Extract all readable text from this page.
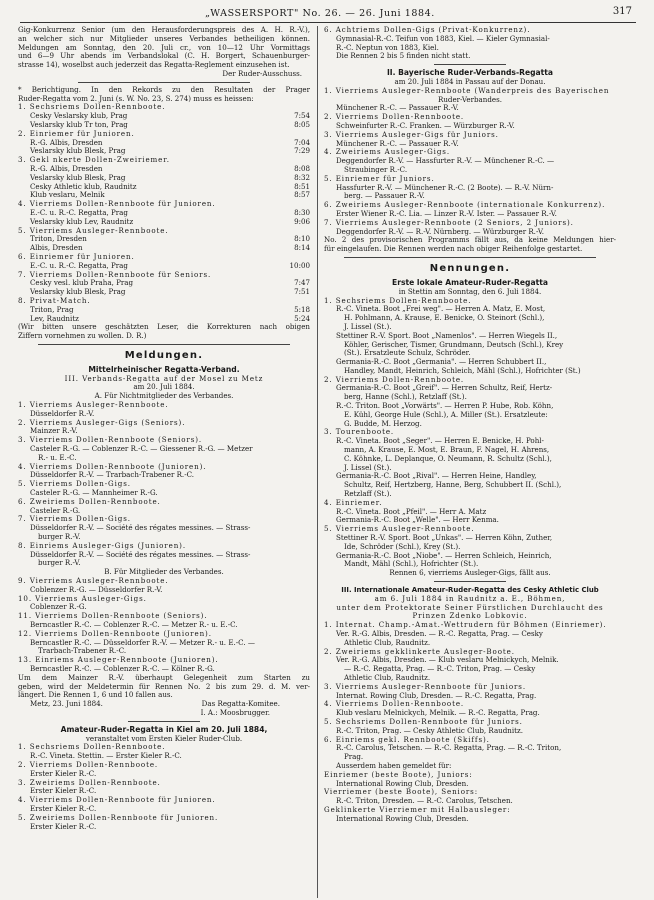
„WASSERSPORT" No. 26. — 26. Juni 1884.	317
Gig-Konkurrenz Senior (um den Herausforderungspreis des A. H. R.-V.),
an welcher sich nur Mitglieder unseres Verbandes betheiligen können.
Meldungen am Sonntag, den 20. Juli cr., von 10—12 Uhr Vormittags
und 6—9 Uhr abends im Verbandslokal (C. H. Borgert, Schauenburger-
strasse 14), woselbst auch jederzeit das Regatta-Reglement einzusehen ist.
Der Ruder-Ausschuss.
* Berichtigung. In den Rekords zu den Resultaten der Prager
Ruder-Regatta vom 2. Juni (s. W. No. 23, S. 274) muss es heissen:
1. Sechsriems Dollen-Rennboote.
Cesky Veslarsky klub, Prag	7:54
Veslarsky klub Tr ton, Prag	8:05
2. Einriemer für Junioren.
R.-G. Albis, Dresden	7:04
Veslarsky klub Blesk, Prag	7:29
3. Gekl nkerte Dollen-Zweiriemer.
R.-G. Albis, Dresden	8:08
Veslarsky klub Blesk, Prag	8:32
Cesky Athletic klub, Raudnitz	8:51
Klub veslaru, Melnik	8:57
4. Vierriems Dollen-Rennboote für Junioren.
E.-C. u. R.-C. Regatta, Prag	8:30
Veslarsky klub Lev, Raudnitz	9:06
5. Vierriems Ausleger-Rennboote.
Triton, Dresden	8:10
Albis, Dresden	8:14
6. Einriemer für Junioren.
E.-C. u. R.-C. Regatta, Prag	10:00
7. Vierriems Dollen-Rennboote für Seniors.
Cesky vesl. klub Praha, Prag	7:47
Veslarsky klub Blesk, Prag	7:51
8. Privat-Match.
Triton, Prag	5:18
Lev, Raudnitz	5:24
(Wir bitten unsere geschätzten Leser, die Korrekturen nach obigen
Ziffern vornehmen zu wollen. D. R.)
Meldungen.
Mittelrheinischer Regatta-Verband.
III. Verbands-Regatta auf der Mosel zu Metz
am 20. Juli 1884.
A. Für Nichtmitglieder des Verbandes.
1. Vierriems Ausleger-Rennboote.
Düsseldorfer R.-V.
2. Vierriems Ausleger-Gigs (Seniors).
Mainzer R.-V.
3. Vierriems Dollen-Rennboote (Seniors).
Casteler R.-G. — Coblenzer R.-C. — Giessener R.-G. — Metzer
R.- u. E.-C.
4. Vierriems Dollen-Rennboote (Junioren).
Düsseldorfer R.-V. — Trarbach-Trabener R.-C.
5. Vierriems Dollen-Gigs.
Casteler R.-G. — Mannheimer R.-G.
6. Zweiriems Dollen-Rennboote.
Casteler R.-G.
7. Vierriems Dollen-Gigs.
Düsseldorfer R.-V. — Société des régates messines. — Strass-
burger R.-V.
8. Einriems Ausleger-Gigs (Junioren).
Düsseldorfer R.-V. — Société des régates messines. — Strass-
burger R.-V.
B. Für Mitglieder des Verbandes.
9. Vierriems Ausleger-Rennboote.
Coblenzer R.-G. — Düsseldorfer R.-V.
10. Vierriems Ausleger-Gigs.
Coblenzer R.-G.
11. Vierriems Dollen-Rennboote (Seniors).
Berncastler R.-C. — Coblenzer R.-C. — Metzer R.- u. E.-C.
12. Vierriems Dollen-Rennboote (Junioren).
Berncastler R.-C. — Düsseldorfer R.-V. — Metzer R.- u. E.-C. —
Trarbach-Trabener R.-C.
13. Einriems Ausleger-Rennboote (Junioren).
Berncastler R.-C. — Coblenzer R.-C. — Kölner R.-G.
Um dem Mainzer R.-V. überhaupt Gelegenheit zum Starten zu
geben, wird der Meldetermin für Rennen No. 2 bis zum 29. d. M. ver-
längert. Die Rennen 1, 6 und 10 fallen aus.
Metz, 23. Juni 1884.	Das Regatta-Komitee.
I. A.: Moosbrugger.
Amateur-Ruder-Regatta in Kiel am 20. Juli 1884,
veranstaltet vom Ersten Kieler Ruder-Club.
1. Sechsriems Dollen-Rennboote.
R.-C. Vineta. Stettin. — Erster Kieler R.-C.
2. Vierriems Dollen-Rennboote.
Erster Kieler R.-C.
3. Zweiriems Dollen-Rennboote.
Erster Kieler R.-C.
4. Vierriems Dollen-Rennboote für Junioren.
Erster Kieler R.-C.
5. Zweiriems Dollen-Rennboote für Junioren.
Erster Kieler R.-C.
6. Achtriems Dollen-Gigs (Privat-Konkurrenz).
Gymnasial-R.-C. Teifun von 1883, Kiel. — Kieler Gymnasial-
R.-C. Neptun von 1883, Kiel.
Die Rennen 2 bis 5 finden nicht statt.
II. Bayerische Ruder-Verbands-Regatta
am 20. Juli 1884 in Passau auf der Donau.
1. Vierriems Ausleger-Rennboote (Wanderpreis des Bayerischen
Ruder-Verbandes.
Münchener R.-C. — Passauer R.-V.
2. Vierriems Dollen-Rennboote.
Schweinfurter R.-C. Franken. — Würzburger R.-V.
3. Vierriems Ausleger-Gigs für Juniors.
Münchener R.-C. — Passauer R.-V.
4. Zweiriems Ausleger-Gigs.
Deggendorfer R.-V. — Hassfurter R.-V. — Münchener R.-C. —
Straubinger R.-C.
5. Einriemer für Juniors.
Hassfurter R.-V. — Münchener R.-C. (2 Boote). — R.-V. Nürn-
berg. — Passauer R.-V.
6. Zweiriems Ausleger-Rennboote (internationale Konkurrenz).
Erster Wiener R.-C. Lia. — Linzer R.-V. Ister. — Passauer R.-V.
7. Vierriems Ausleger-Rennboote (2 Seniors, 2 Juniors).
Deggendorfer R.-V. — R.-V. Nürnberg. — Würzburger R.-V.
No. 2 des provisorischen Programms fällt aus, da keine Meldungen hier-
für eingelaufen. Die Rennen werden nach obiger Reihenfolge gestartet.
Nennungen.
Erste lokale Amateur-Ruder-Regatta
in Stettin am Sonntag, den 6. Juli 1884.
1. Sechsriems Dollen-Rennboote.
R.-C. Vineta. Boot „Frei weg". — Herren A. Matz, E. Most,
H. Pohlmann, A. Krause, E. Benicke, O. Steinort (Schl.),
J. Lissel (St.).
Stettiner R.-V. Sport. Boot „Namenlos". — Herren Wiegels II.,
Köhler, Gerischer, Tismer, Grundmann, Deutsch (Schl.), Krey
(St.). Ersatzleute Schulz, Schröder.
Germania-R.-C. Boot „Germania". — Herren Schubbert II.,
Handley, Mandt, Heinrich, Schleich, Mähl (Schl.), Hofrichter (St.)
2. Vierriems Dollen-Rennboote.
Germania-R.-C. Boot „Greif". — Herren Schultz, Reif, Hertz-
berg, Hanne (Schl.), Retzlaff (St.).
R.-C. Triton. Boot „Vorwärts". — Herren P. Hube, Rob. Köhn,
E. Kühl, George Hule (Schl.), A. Miller (St.). Ersatzleute:
G. Budde, M. Herzog.
3. Tourenboote.
R.-C. Vineta. Boot „Seger". — Herren E. Benicke, H. Pohl-
mann, A. Krause, E. Most, E. Braun, F. Nagel, H. Ahrens,
C. Köhnke, L. Deplanque, O. Neumann, R. Schultz (Schl.),
J. Lissel (St.).
Germania-R.-C. Boot „Rival". — Herren Heine, Handley,
Schultz, Reif, Hertzberg, Hanne, Berg, Schubbert II. (Schl.),
Retzlaff (St.).
4. Einriemer.
R.-C. Vineta. Boot „Pfeil". — Herr A. Matz
Germania-R.-C. Boot „Welle". — Herr Kenma.
5. Vierriems Ausleger-Rennboote.
Stettiner R.-V. Sport. Boot „Unkas". — Herren Köhn, Zuther,
Ide, Schröder (Schl.), Krey (St.).
Germania-R.-C. Boot „Niobe". — Herren Schleich, Heinrich,
Mandt, Mähl (Schl.), Hofrichter (St.).
Rennen 6, vierriems Ausleger-Gigs, fällt aus.
III. Internationale Amateur-Ruder-Regatta des Cesky Athletic Club
am 6. Juli 1884 in Raudnitz a. E., Böhmen,
unter dem Protektorate Seiner Fürstlichen Durchlaucht des
Prinzen Zdenko Lobkovic.
1. Internat. Champ.-Amat.-Wettrudern für Böhmen (Einriemer).
Ver. R.-G. Albis, Dresden. — R.-C. Regatta, Prag. — Cesky
Athletic Club, Raudnitz.
2. Zweiriems gekklinkerte Ausleger-Boote.
Ver. R.-G. Albis, Dresden. — Klub veslaru Melnickych, Melnik.
— R.-C. Regatta, Prag. — R.-C. Triton, Prag. — Cesky
Athletic Club, Raudnitz.
3. Vierriems Ausleger-Rennboote für Juniors.
Internat. Rowing Club, Dresden. — R.-C. Regatta, Prag.
4. Vierriems Dollen-Rennboote.
Klub veslaru Melnickych, Melnik. — R.-C. Regatta, Prag.
5. Sechsriems Dollen-Rennboote für Juniors.
R.-C. Triton, Prag. — Cesky Athletic Club, Raudnitz.
6. Einriems gekl. Rennboote (Skiffs).
R.-C. Carolus, Tetschen. — R.-C. Regatta, Prag. — R.-C. Triton,
Prag.
Ausserdem haben gemeldet für:
Einriemer (beste Boote), Juniors:
International Rowing Club, Dresden.
Vierriemer (beste Boote), Seniors:
R.-C. Triton, Dresden. — R.-C. Carolus, Tetschen.
Geklinkerte Vierriemer mit Halbausleger:
International Rowing Club, Dresden.
